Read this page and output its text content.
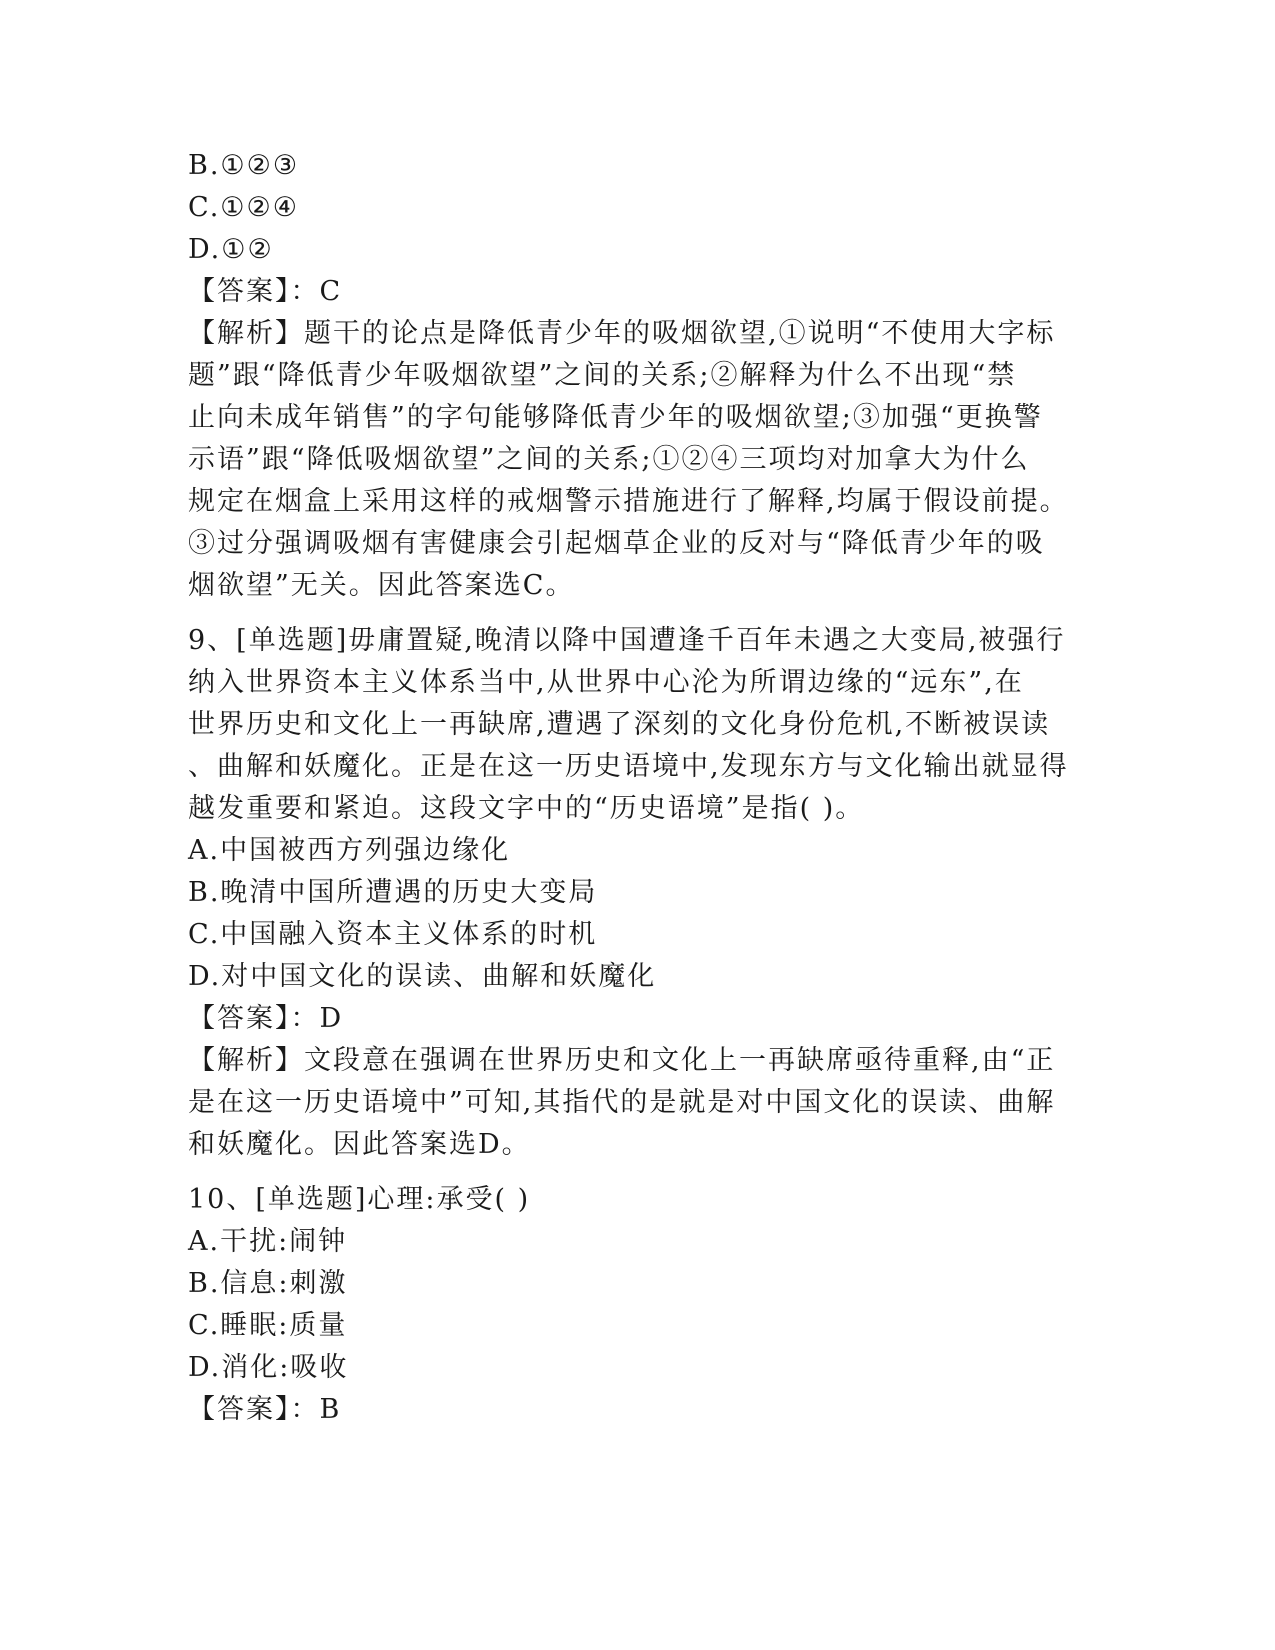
B.①②③
C.①②④
D.①②
【答案】：C
【解析】题干的论点是降低青少年的吸烟欲望,①说明“不使用大字标
题”跟“降低青少年吸烟欲望”之间的关系;②解释为什么不出现“禁
止向未成年销售”的字句能够降低青少年的吸烟欲望;③加强“更换警
示语”跟“降低吸烟欲望”之间的关系;①②④三项均对加拿大为什么
规定在烟盒上采用这样的戒烟警示措施进行了解释,均属于假设前提。
③过分强调吸烟有害健康会引起烟草企业的反对与“降低青少年的吸
烟欲望”无关。因此答案选C。
9、[单选题]毋庸置疑,晚清以降中国遭逢千百年未遇之大变局,被强行
纳入世界资本主义体系当中,从世界中心沦为所谓边缘的“远东”,在
世界历史和文化上一再缺席,遭遇了深刻的文化身份危机,不断被误读
、曲解和妖魔化。正是在这一历史语境中,发现东方与文化输出就显得
越发重要和紧迫。这段文字中的“历史语境”是指( )。
A.中国被西方列强边缘化
B.晚清中国所遭遇的历史大变局
C.中国融入资本主义体系的时机
D.对中国文化的误读、曲解和妖魔化
【答案】：D
【解析】文段意在强调在世界历史和文化上一再缺席亟待重释,由“正
是在这一历史语境中”可知,其指代的是就是对中国文化的误读、曲解
和妖魔化。因此答案选D。
10、[单选题]心理:承受( )
A.干扰:闹钟
B.信息:刺激
C.睡眠:质量
D.消化:吸收
【答案】：B
